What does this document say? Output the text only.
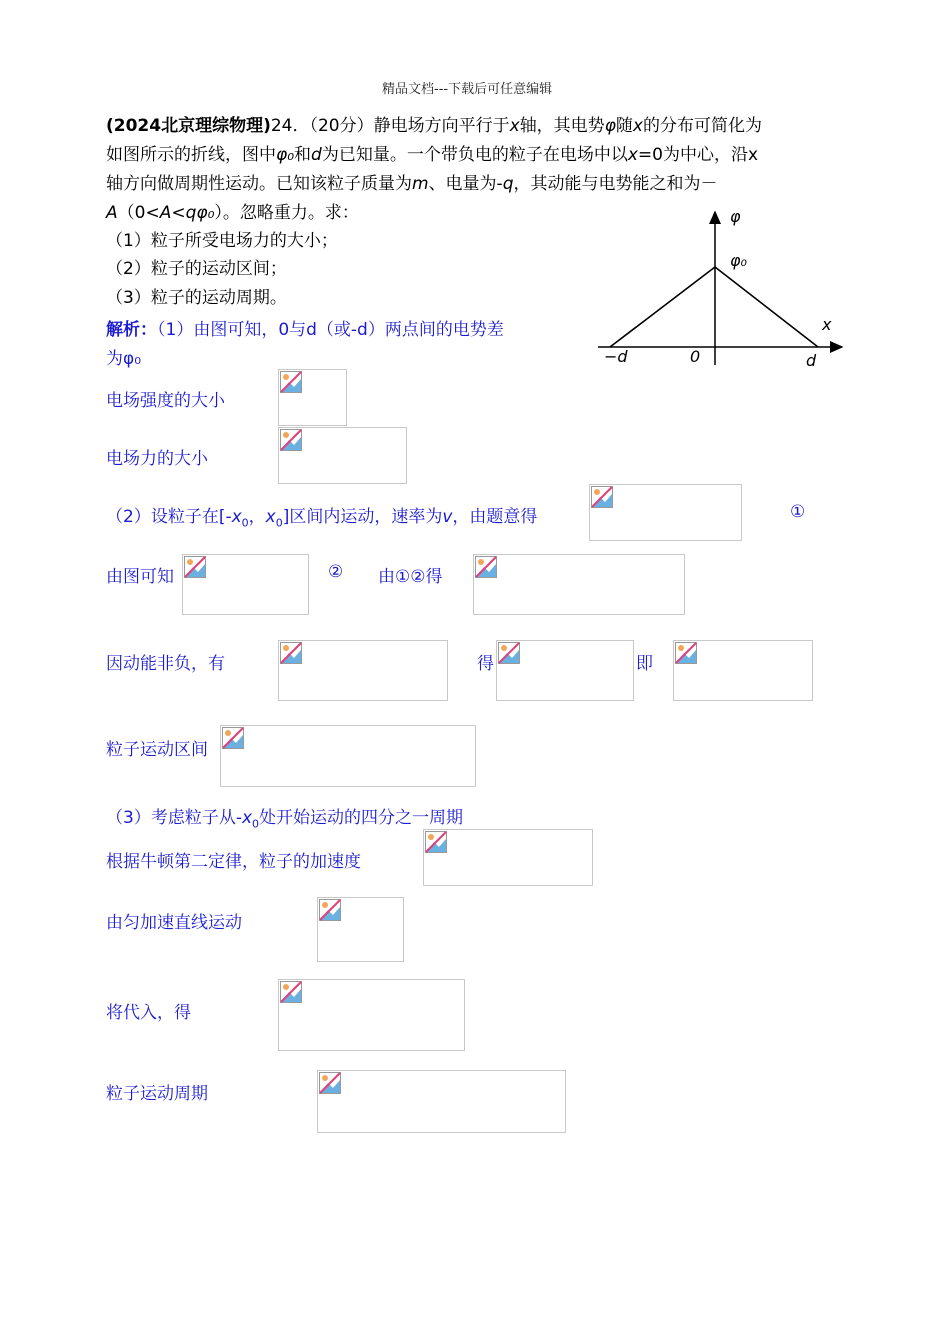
精品文档---下载后可任意编辑
(2024北京理综物理)24．（20分）静电场方向平行于x轴，其电势φ随x的分布可简化为
如图所示的折线，图中φ₀和d为已知量。一个带负电的粒子在电场中以x=0为中心，沿x
轴方向做周期性运动。已知该粒子质量为m、电量为-q，其动能与电势能之和为－
A（0<A<qφ₀）。忽略重力。求：
（1）粒子所受电场力的大小；
（2）粒子的运动区间；
（3）粒子的运动周期。
φ
φ₀
x
−d	0	d
解析：（1）由图可知，0与d（或-d）两点间的电势差
为φ₀
电场强度的大小
电场力的大小
（2）设粒子在[$-x_0$，$x_0$]区间内运动，速率为v，由题意得	①
由图可知	② 由①②得
因动能非负，有	得	即
粒子运动区间
（3）考虑粒子从$-x_0$处开始运动的四分之一周期
根据牛顿第二定律，粒子的加速度
由匀加速直线运动
将代入，得
粒子运动周期
